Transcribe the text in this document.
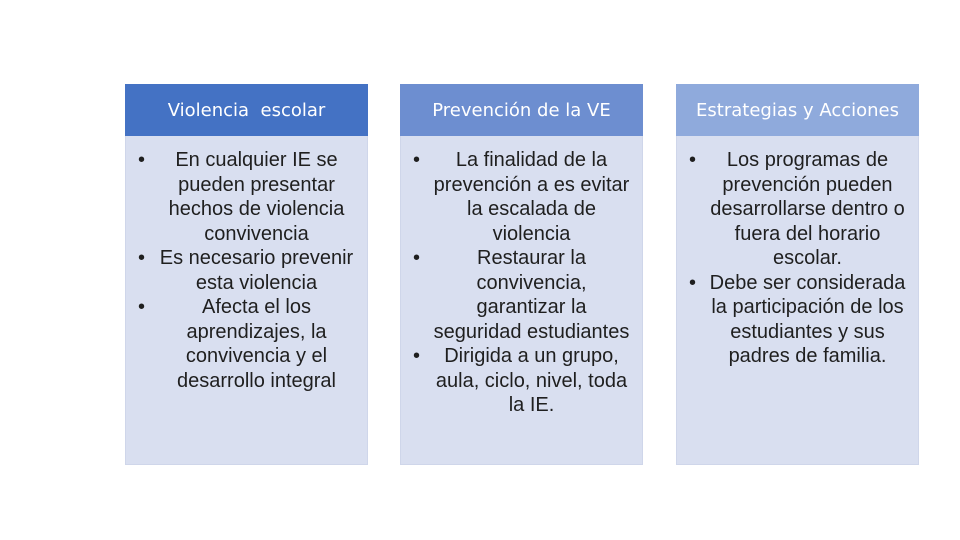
Violencia  escolar
• En cualquier IE se pueden presentar hechos de violencia convivencia
• Es necesario prevenir esta violencia
• Afecta el los aprendizajes, la convivencia y el desarrollo integral
Prevención de la VE
• La finalidad de la prevención a es evitar la escalada de violencia
• Restaurar la convivencia, garantizar la seguridad estudiantes
• Dirigida a un grupo, aula, ciclo, nivel, toda la IE.
Estrategias y Acciones
• Los programas de prevención pueden desarrollarse dentro o fuera del horario escolar.
• Debe ser considerada la participación de los estudiantes y sus padres de familia.
